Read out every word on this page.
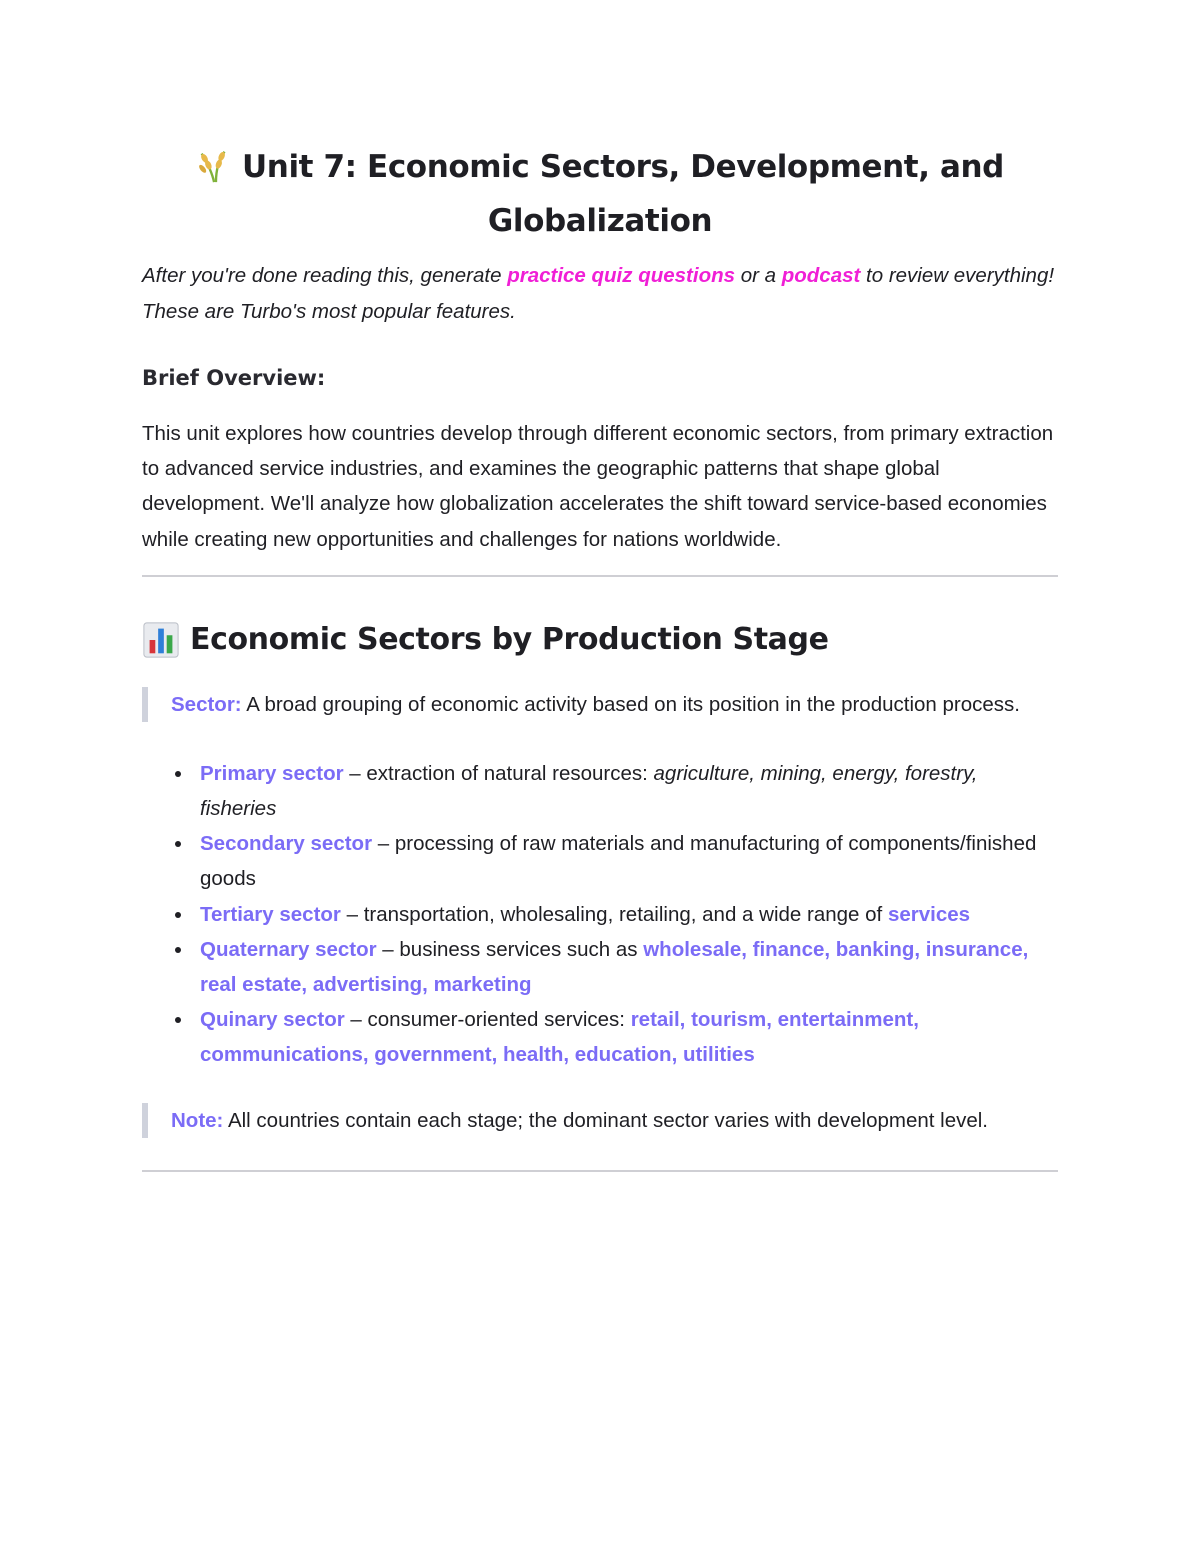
Unit 7: Economic Sectors, Development, and Globalization

After you're done reading this, generate practice quiz questions or a podcast to review everything! These are Turbo's most popular features.

Brief Overview:

This unit explores how countries develop through different economic sectors, from primary extraction to advanced service industries, and examines the geographic patterns that shape global development. We'll analyze how globalization accelerates the shift toward service-based economies while creating new opportunities and challenges for nations worldwide.

Economic Sectors by Production Stage
Sector: A broad grouping of economic activity based on its position in the production process.
Primary sector – extraction of natural resources: agriculture, mining, energy, forestry, fisheries
Secondary sector – processing of raw materials and manufacturing of components/finished goods
Tertiary sector – transportation, wholesaling, retailing, and a wide range of services
Quaternary sector – business services such as wholesale, finance, banking, insurance, real estate, advertising, marketing
Quinary sector – consumer-oriented services: retail, tourism, entertainment, communications, government, health, education, utilities
Note: All countries contain each stage; the dominant sector varies with development level.
